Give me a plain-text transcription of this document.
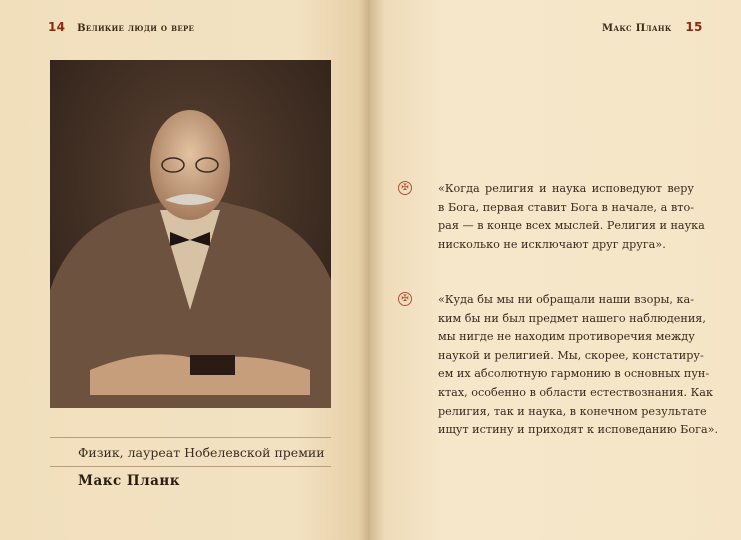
14 Великие люди о вере
Физик, лауреат Нобелевской премии
Макс Планк
Макс Планк 15
✠	«Когда религия и наука исповедуют веру
в Бога, первая ставит Бога в начале, а вто-
рая — в конце всех мыслей. Религия и наука
нисколько не исключают друг друга».
✠	«Куда бы мы ни обращали наши взоры, ка-
ким бы ни был предмет нашего наблюдения,
мы нигде не находим противоречия между
наукой и религией. Мы, скорее, констатиру-
ем их абсолютную гармонию в основных пун-
ктах, особенно в области естествознания. Как
религия, так и наука, в конечном результате
ищут истину и приходят к исповеданию Бога».
